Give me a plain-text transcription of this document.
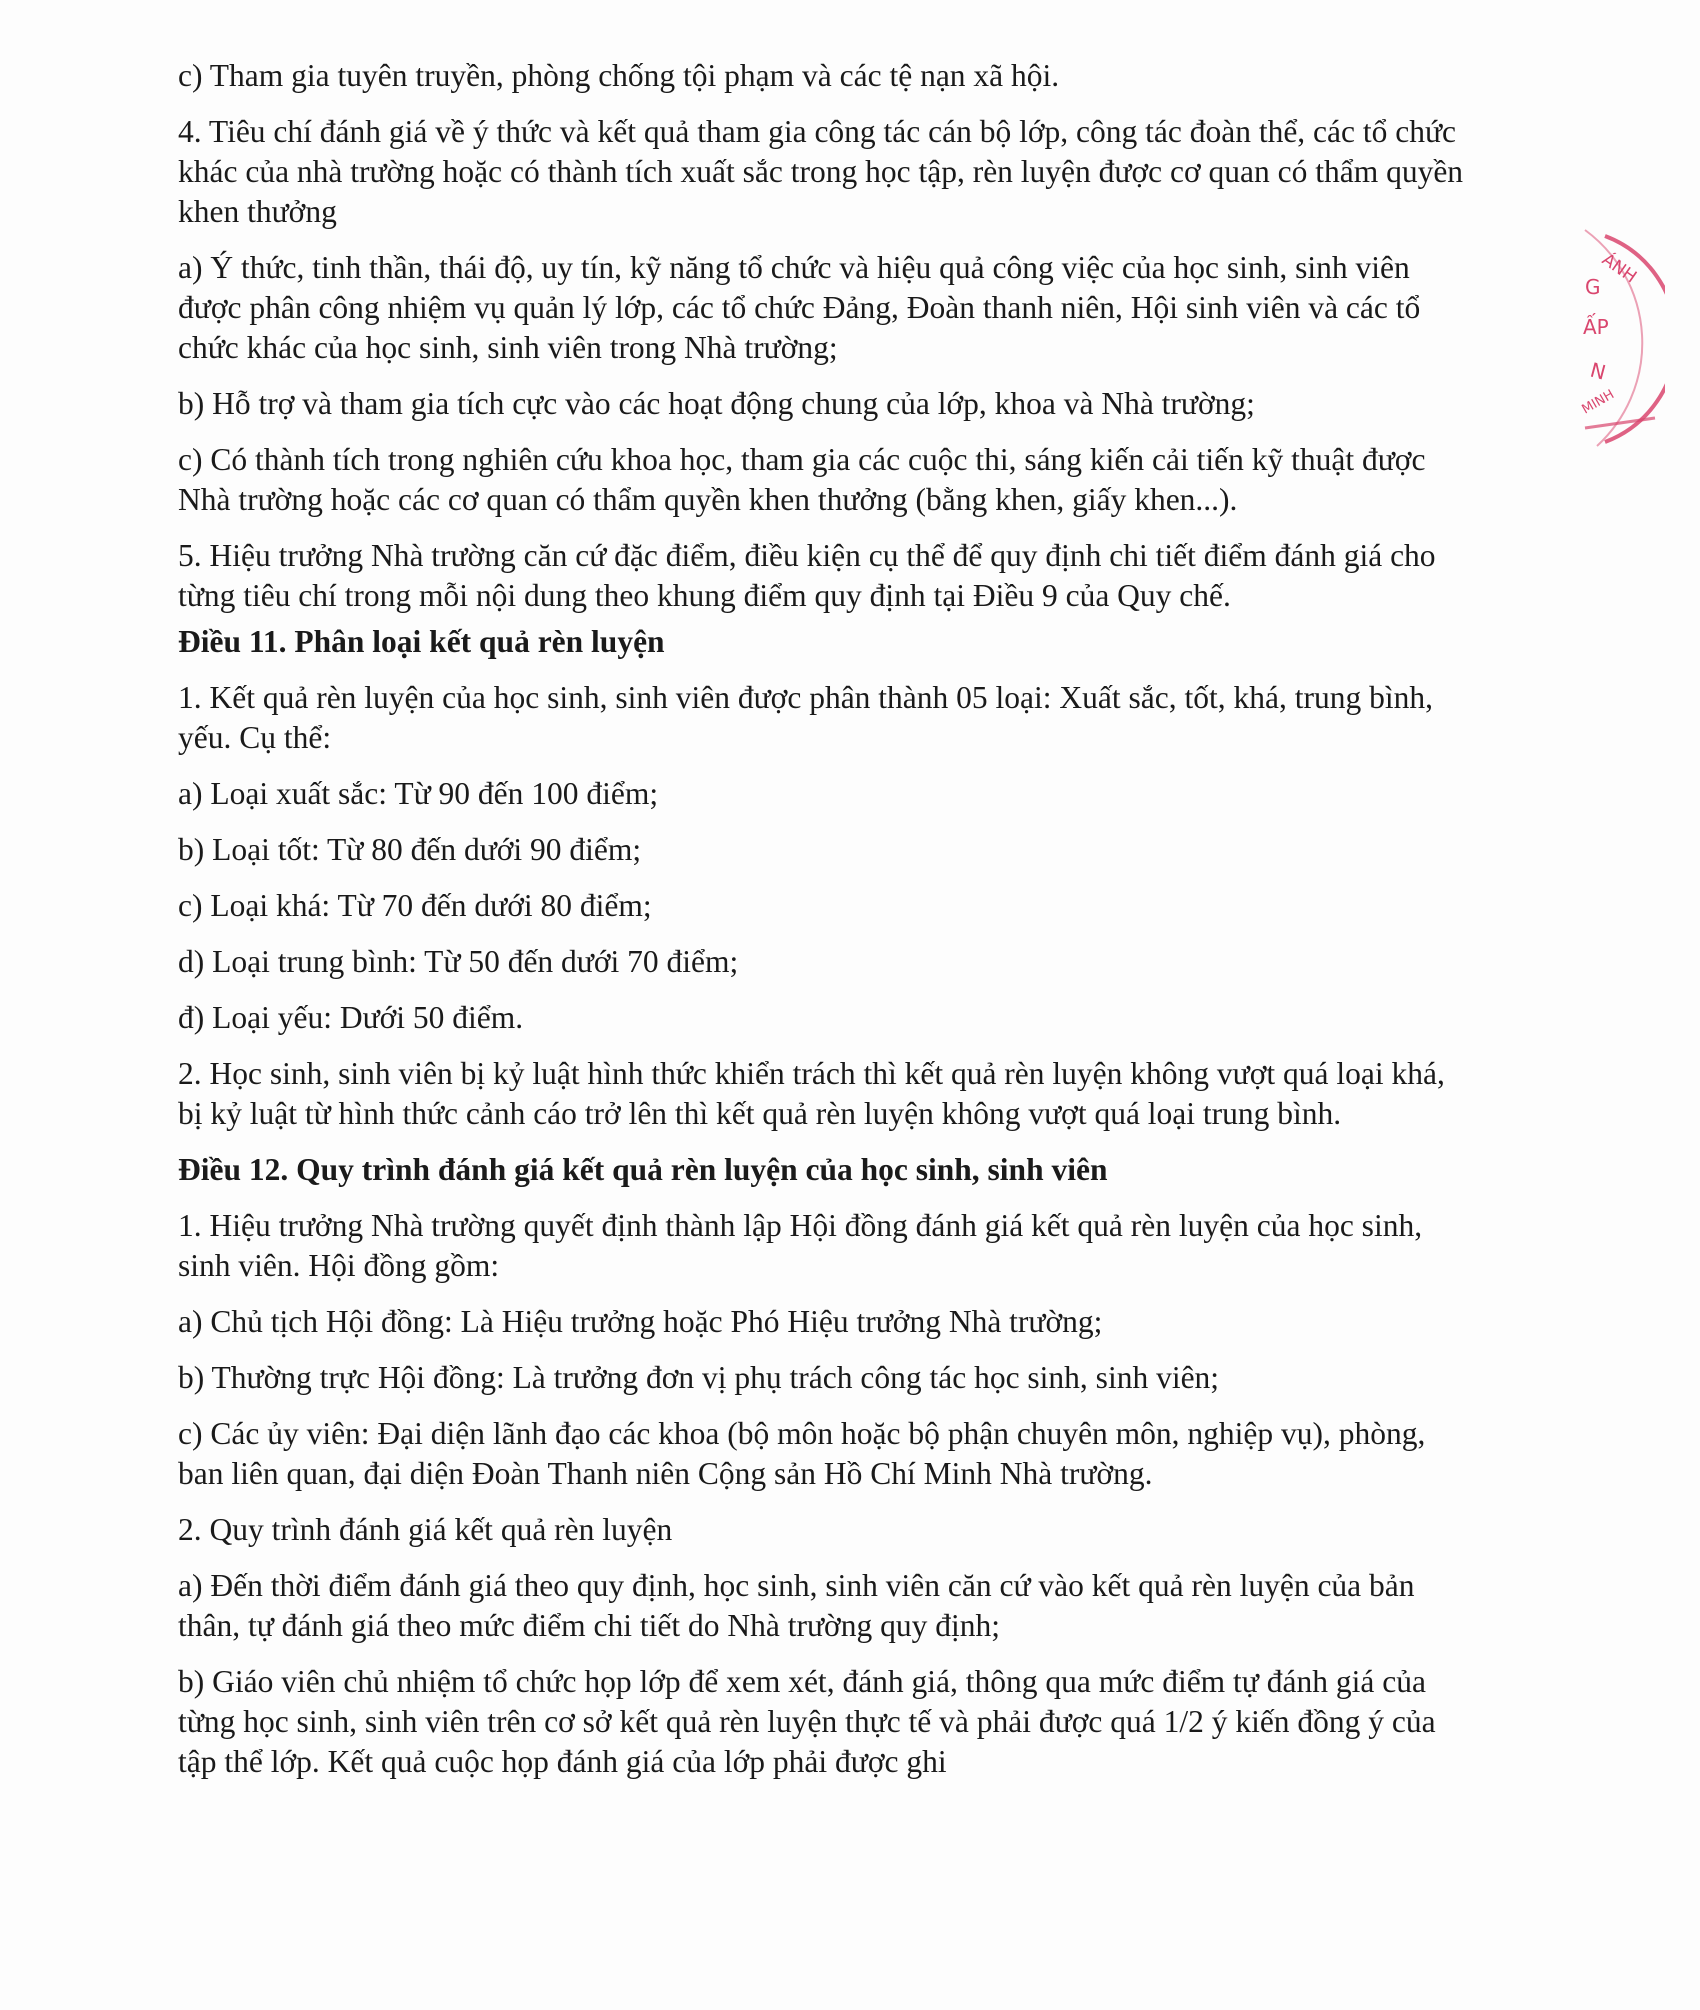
c) Tham gia tuyên truyền, phòng chống tội phạm và các tệ nạn xã hội.

4. Tiêu chí đánh giá về ý thức và kết quả tham gia công tác cán bộ lớp, công tác đoàn thể, các tổ chức khác của nhà trường hoặc có thành tích xuất sắc trong học tập, rèn luyện được cơ quan có thẩm quyền khen thưởng

a) Ý thức, tinh thần, thái độ, uy tín, kỹ năng tổ chức và hiệu quả công việc của học sinh, sinh viên được phân công nhiệm vụ quản lý lớp, các tổ chức Đảng, Đoàn thanh niên, Hội sinh viên và các tổ chức khác của học sinh, sinh viên trong Nhà trường;

b) Hỗ trợ và tham gia tích cực vào các hoạt động chung của lớp, khoa và Nhà trường;

c) Có thành tích trong nghiên cứu khoa học, tham gia các cuộc thi, sáng kiến cải tiến kỹ thuật được Nhà trường hoặc các cơ quan có thẩm quyền khen thưởng (bằng khen, giấy khen...).

5. Hiệu trưởng Nhà trường căn cứ đặc điểm, điều kiện cụ thể để quy định chi tiết điểm đánh giá cho từng tiêu chí trong mỗi nội dung theo khung điểm quy định tại Điều 9 của Quy chế.

Điều 11. Phân loại kết quả rèn luyện

1. Kết quả rèn luyện của học sinh, sinh viên được phân thành 05 loại: Xuất sắc, tốt, khá, trung bình, yếu. Cụ thể:

a) Loại xuất sắc: Từ 90 đến 100 điểm;

b) Loại tốt: Từ 80 đến dưới 90 điểm;

c) Loại khá: Từ 70 đến dưới 80 điểm;

d) Loại trung bình: Từ 50 đến dưới 70 điểm;

đ) Loại yếu: Dưới 50 điểm.

2. Học sinh, sinh viên bị kỷ luật hình thức khiển trách thì kết quả rèn luyện không vượt quá loại khá, bị kỷ luật từ hình thức cảnh cáo trở lên thì kết quả rèn luyện không vượt quá loại trung bình.

Điều 12. Quy trình đánh giá kết quả rèn luyện của học sinh, sinh viên

1. Hiệu trưởng Nhà trường quyết định thành lập Hội đồng đánh giá kết quả rèn luyện của học sinh, sinh viên. Hội đồng gồm:

a) Chủ tịch Hội đồng: Là Hiệu trưởng hoặc Phó Hiệu trưởng Nhà trường;

b) Thường trực Hội đồng: Là trưởng đơn vị phụ trách công tác học sinh, sinh viên;

c) Các ủy viên: Đại diện lãnh đạo các khoa (bộ môn hoặc bộ phận chuyên môn, nghiệp vụ), phòng, ban liên quan, đại diện Đoàn Thanh niên Cộng sản Hồ Chí Minh Nhà trường.

2. Quy trình đánh giá kết quả rèn luyện

a) Đến thời điểm đánh giá theo quy định, học sinh, sinh viên căn cứ vào kết quả rèn luyện của bản thân, tự đánh giá theo mức điểm chi tiết do Nhà trường quy định;

b) Giáo viên chủ nhiệm tổ chức họp lớp để xem xét, đánh giá, thông qua mức điểm tự đánh giá của từng học sinh, sinh viên trên cơ sở kết quả rèn luyện thực tế và phải được quá 1/2 ý kiến đồng ý của tập thể lớp. Kết quả cuộc họp đánh giá của lớp phải được ghi

ÁNH
G
ẤP
N
MINH
